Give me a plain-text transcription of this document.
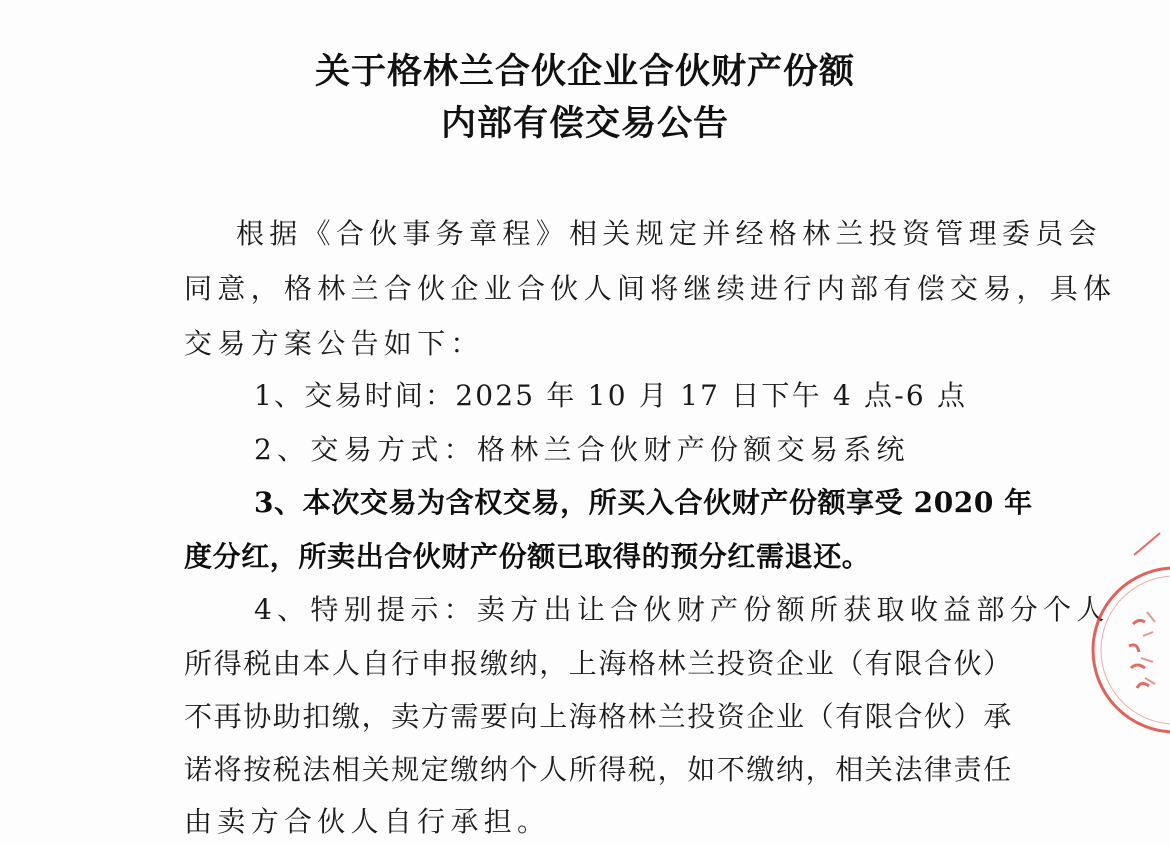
关于格林兰合伙企业合伙财产份额
内部有偿交易公告
根据《合伙事务章程》相关规定并经格林兰投资管理委员会
同意，格林兰合伙企业合伙人间将继续进行内部有偿交易，具体
交易方案公告如下：
1、交易时间：2025 年 10 月 17 日下午 4 点-6 点
2、交易方式：格林兰合伙财产份额交易系统
3、本次交易为含权交易，所买入合伙财产份额享受 2020 年
度分红，所卖出合伙财产份额已取得的预分红需退还。
4、特别提示：卖方出让合伙财产份额所获取收益部分个人
所得税由本人自行申报缴纳，上海格林兰投资企业（有限合伙）
不再协助扣缴，卖方需要向上海格林兰投资企业（有限合伙）承
诺将按税法相关规定缴纳个人所得税，如不缴纳，相关法律责任
由卖方合伙人自行承担。
